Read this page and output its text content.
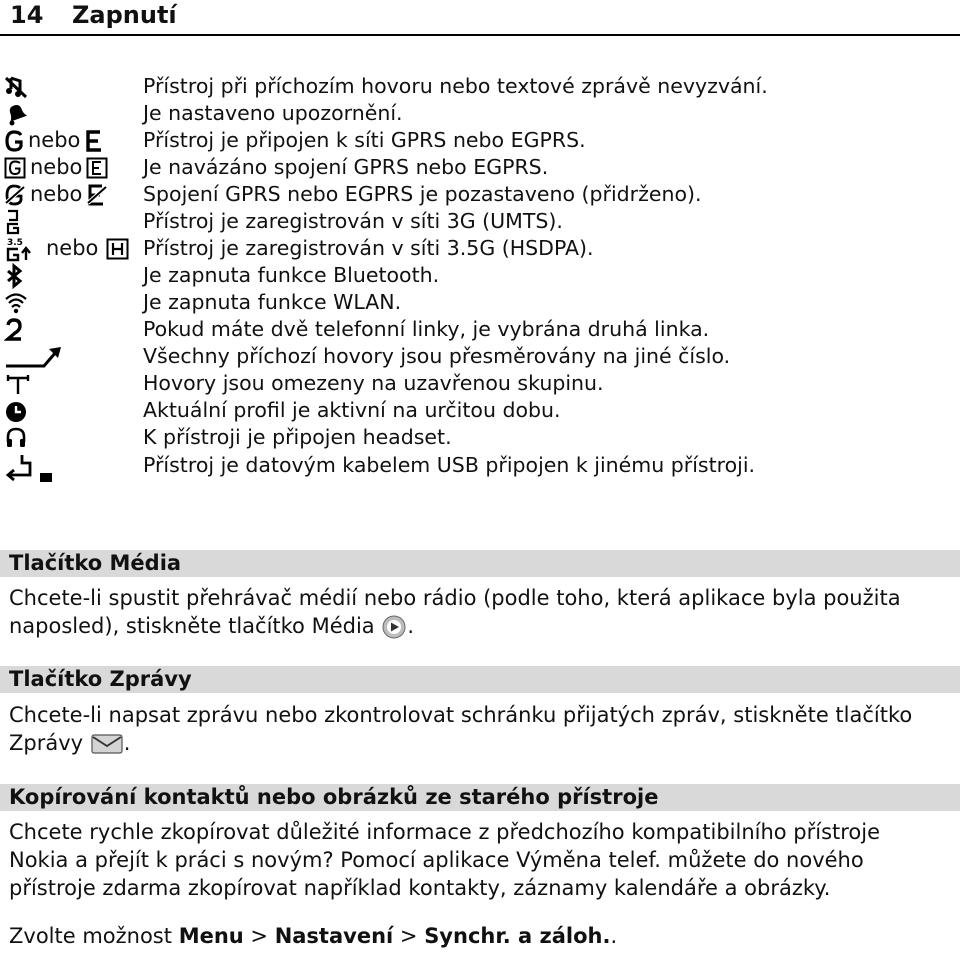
14 Zapnutí
Přístroj při příchozím hovoru nebo textové zprávě nevyzvání.
Je nastaveno upozornění.
nebo	Přístroj je připojen k síti GPRS nebo EGPRS.
nebo	Je navázáno spojení GPRS nebo EGPRS.
nebo	Spojení GPRS nebo EGPRS je pozastaveno (přidrženo).
Přístroj je zaregistrován v síti 3G (UMTS).
3.5 nebo Přístroj je zaregistrován v síti 3.5G (HSDPA).
Je zapnuta funkce Bluetooth.
Je zapnuta funkce WLAN.
Pokud máte dvě telefonní linky, je vybrána druhá linka.
Všechny příchozí hovory jsou přesměrovány na jiné číslo.
Hovory jsou omezeny na uzavřenou skupinu.
Aktuální profil je aktivní na určitou dobu.
K přístroji je připojen headset.
Přístroj je datovým kabelem USB připojen k jinému přístroji.
Tlačítko Média
Chcete-li spustit přehrávač médií nebo rádio (podle toho, která aplikace byla použita
naposled), stiskněte tlačítko Média .
Tlačítko Zprávy
Chcete-li napsat zprávu nebo zkontrolovat schránku přijatých zpráv, stiskněte tlačítko
Zprávy .
Kopírování kontaktů nebo obrázků ze starého přístroje
Chcete rychle zkopírovat důležité informace z předchozího kompatibilního přístroje
Nokia a přejít k práci s novým? Pomocí aplikace Výměna telef. můžete do nového
přístroje zdarma zkopírovat například kontakty, záznamy kalendáře a obrázky.
Zvolte možnost Menu > Nastavení > Synchr. a záloh..
